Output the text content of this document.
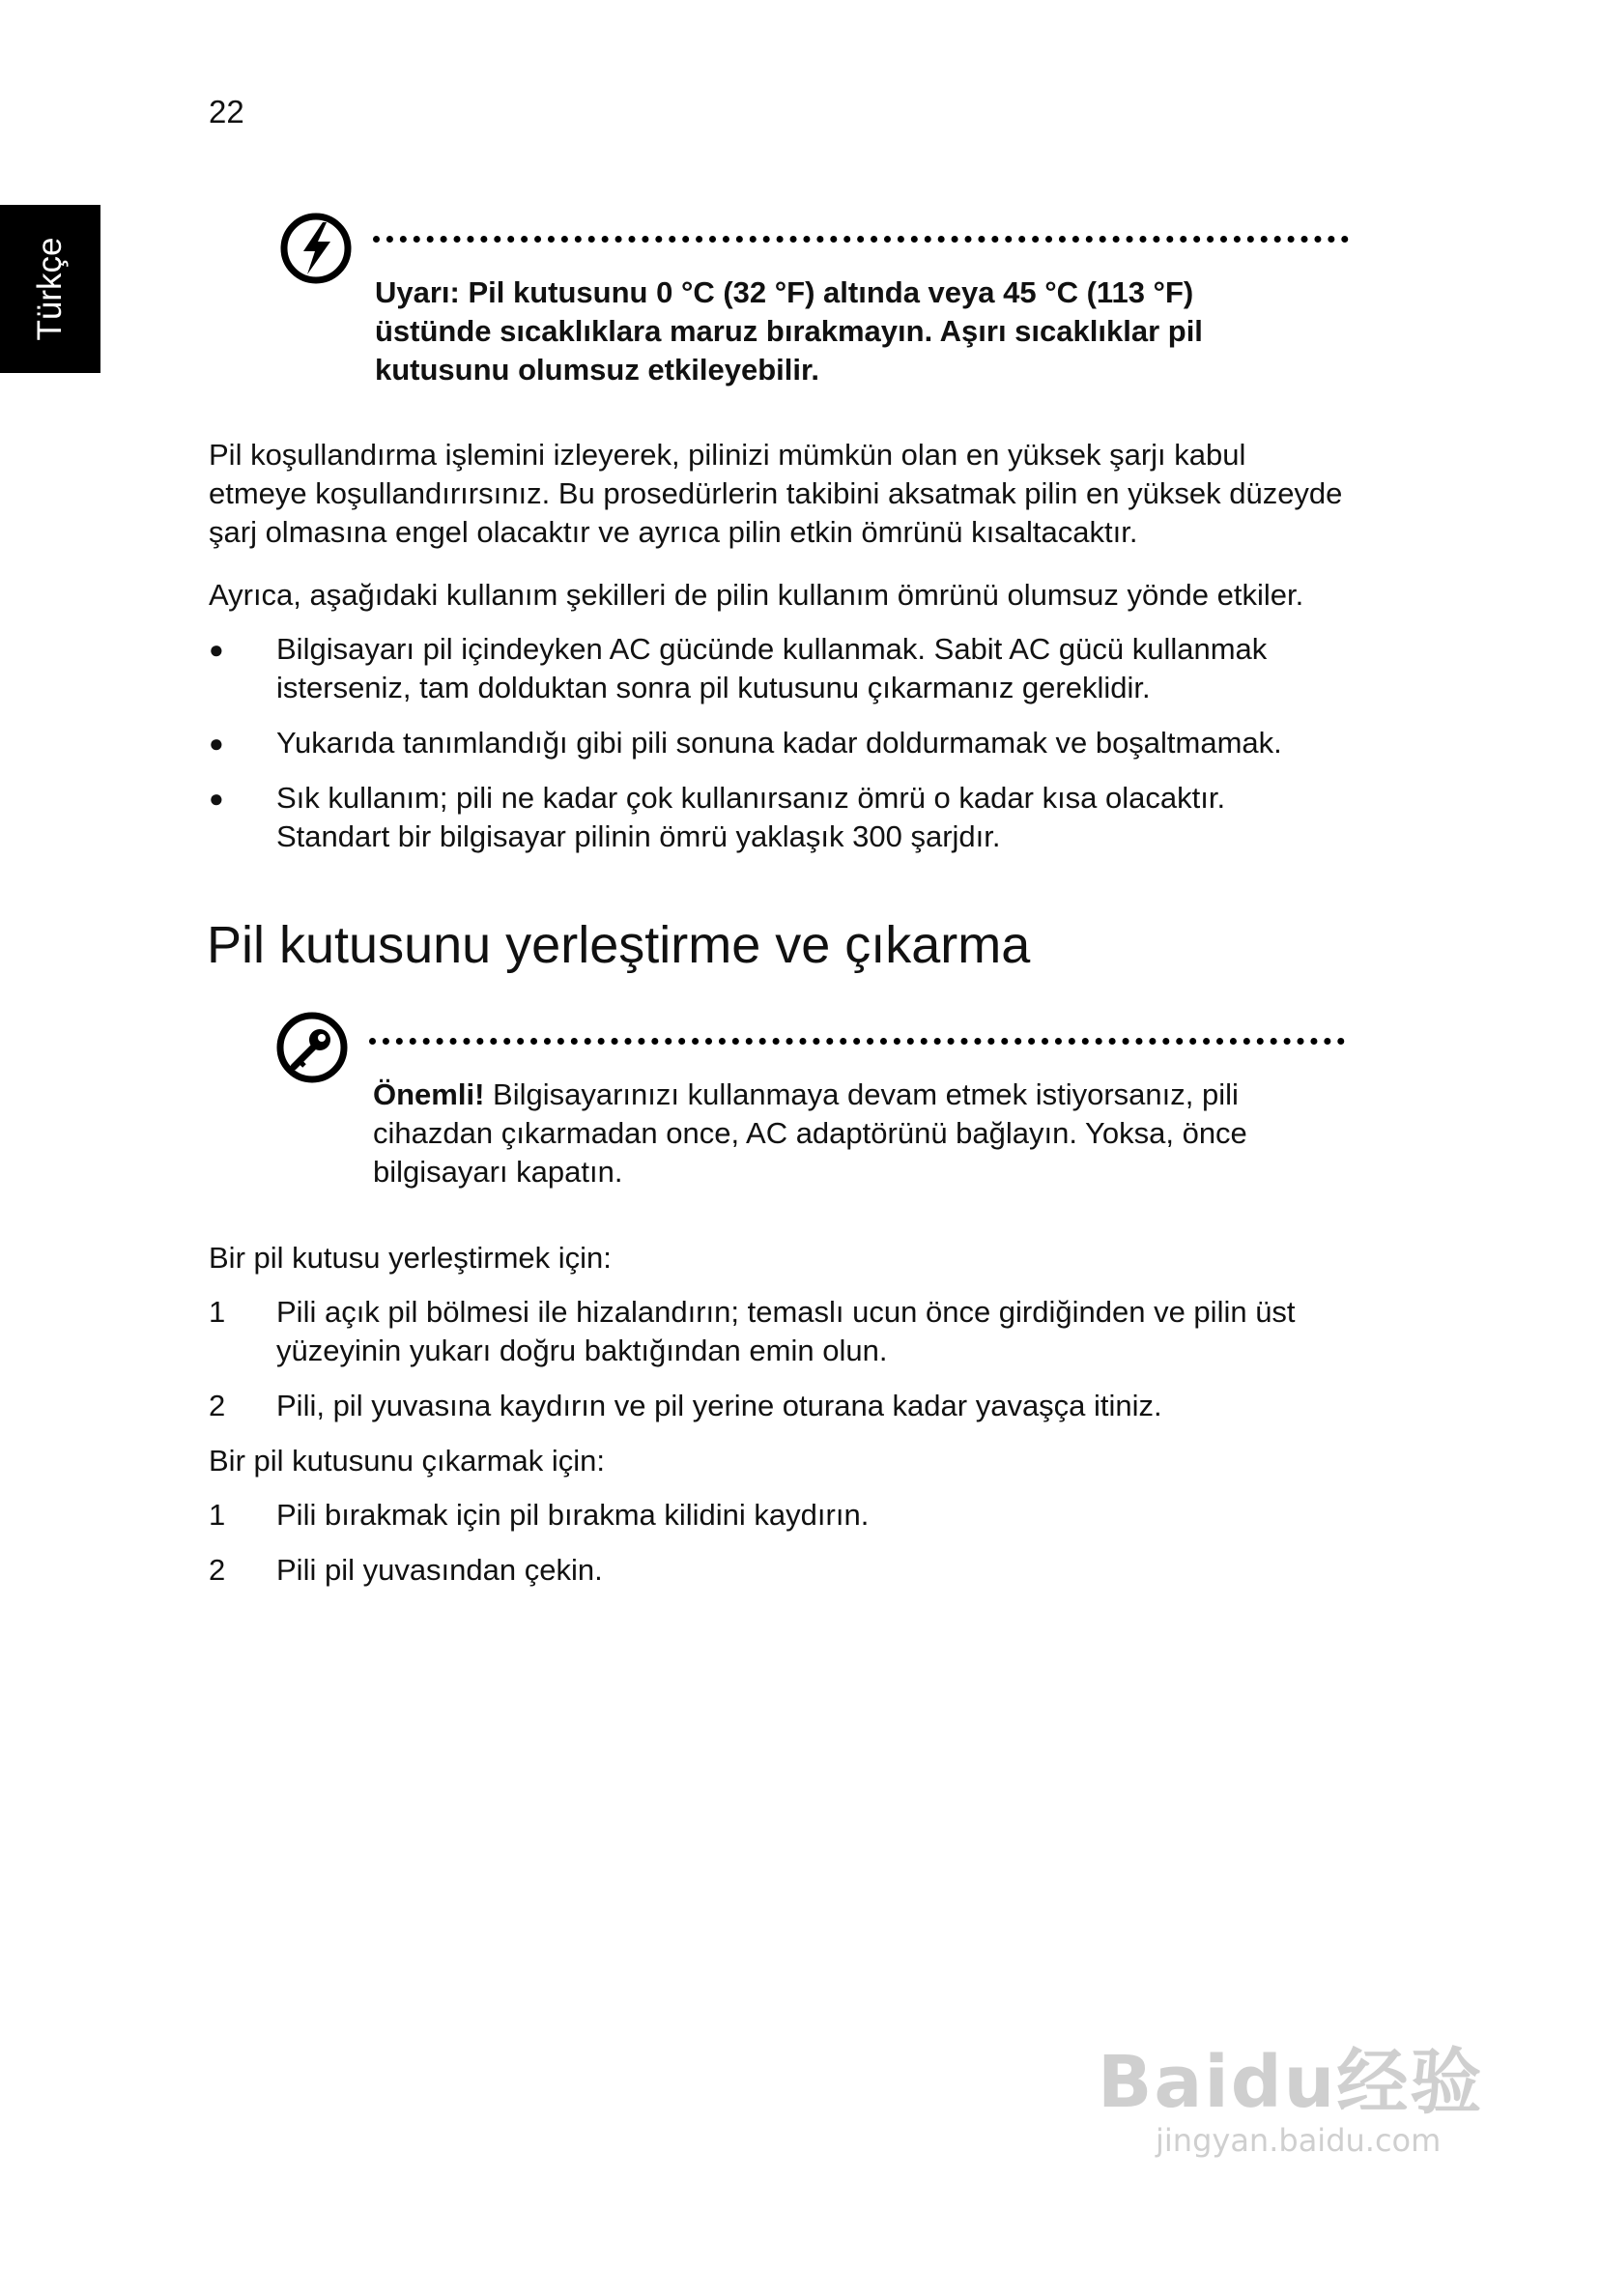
22
Türkçe	Uyarı: Pil kutusunu 0 °C (32 °F) altında veya 45 °C (113 °F) üstünde sıcaklıklara maruz bırakmayın. Aşırı sıcaklıklar pil kutusunu olumsuz etkileyebilir.

Pil koşullandırma işlemini izleyerek, pilinizi mümkün olan en yüksek şarjı kabul etmeye koşullandırırsınız. Bu prosedürlerin takibini aksatmak pilin en yüksek düzeyde şarj olmasına engel olacaktır ve ayrıca pilin etkin ömrünü kısaltacaktır.

Ayrıca, aşağıdaki kullanım şekilleri de pilin kullanım ömrünü olumsuz yönde etkiler.

● Bilgisayarı pil içindeyken AC gücünde kullanmak. Sabit AC gücü kullanmak isterseniz, tam dolduktan sonra pil kutusunu çıkarmanız gereklidir.

● Yukarıda tanımlandığı gibi pili sonuna kadar doldurmamak ve boşaltmamak.

● Sık kullanım; pili ne kadar çok kullanırsanız ömrü o kadar kısa olacaktır. Standart bir bilgisayar pilinin ömrü yaklaşık 300 şarjdır.

Pil kutusunu yerleştirme ve çıkarma

Önemli! Bilgisayarınızı kullanmaya devam etmek istiyorsanız, pili cihazdan çıkarmadan once, AC adaptörünü bağlayın. Yoksa, önce bilgisayarı kapatın.

Bir pil kutusu yerleştirmek için:

1 Pili açık pil bölmesi ile hizalandırın; temaslı ucun önce girdiğinden ve pilin üst yüzeyinin yukarı doğru baktığından emin olun.

2 Pili, pil yuvasına kaydırın ve pil yerine oturana kadar yavaşça itiniz.

Bir pil kutusunu çıkarmak için:

1 Pili bırakmak için pil bırakma kilidini kaydırın.

2 Pili pil yuvasından çekin.

Baidu经验
jingyan.baidu.com
